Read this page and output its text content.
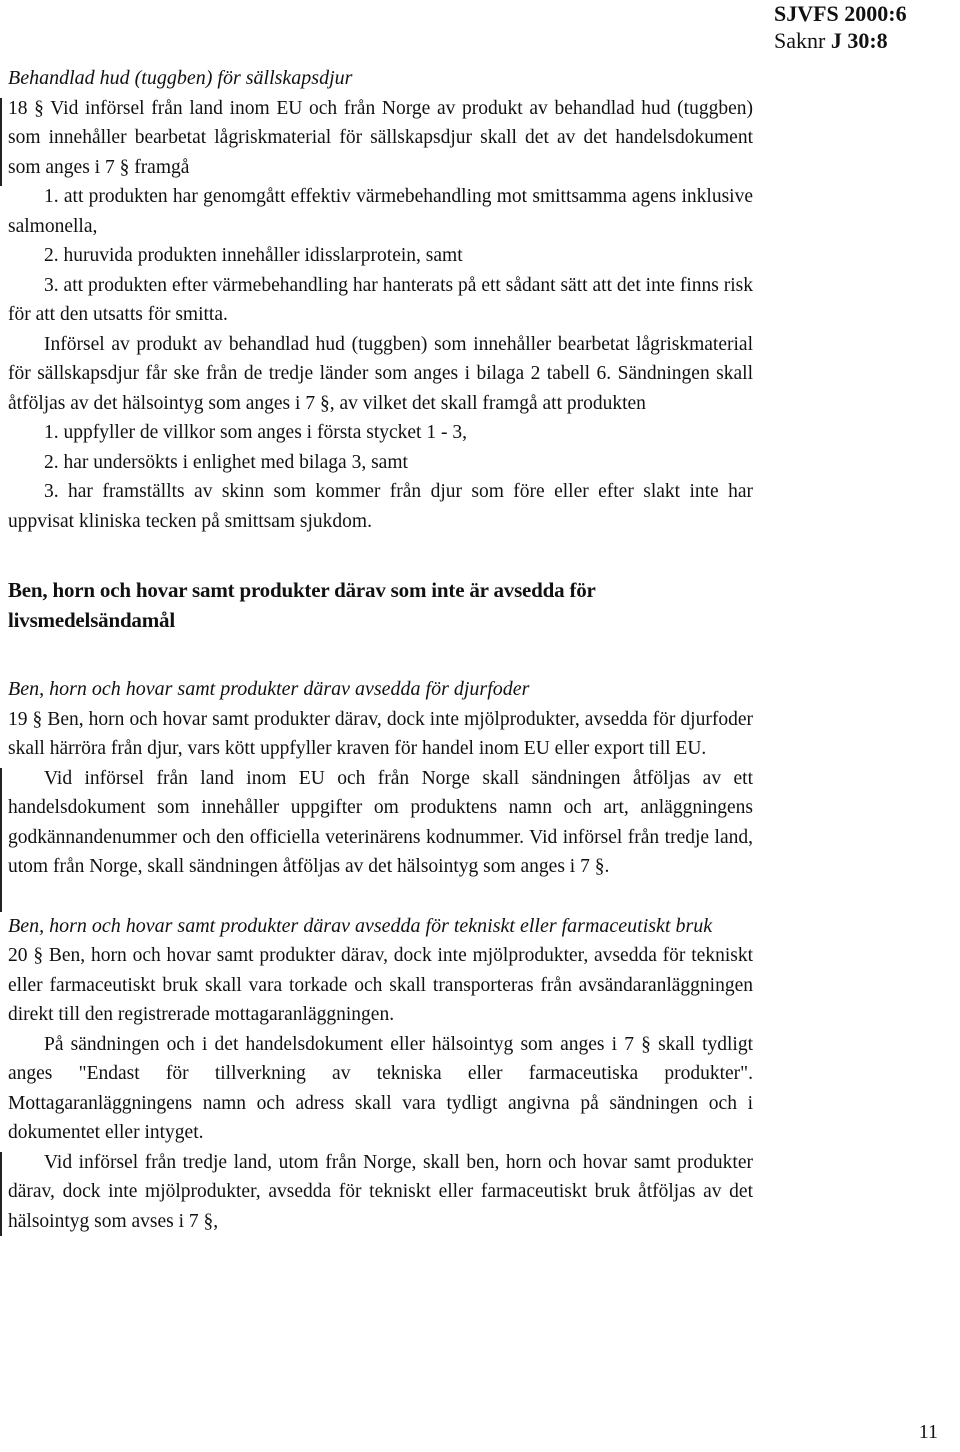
SJVFS 2000:6
Saknr J 30:8

Behandlad hud (tuggben) för sällskapsdjur

18 § Vid införsel från land inom EU och från Norge av produkt av behandlad hud (tuggben) som innehåller bearbetat lågriskmaterial för sällskapsdjur skall det av det handelsdokument som anges i 7 § framgå

1. att produkten har genomgått effektiv värmebehandling mot smittsamma agens inklusive salmonella,

2. huruvida produkten innehåller idisslarprotein, samt

3. att produkten efter värmebehandling har hanterats på ett sådant sätt att det inte finns risk för att den utsatts för smitta.

Införsel av produkt av behandlad hud (tuggben) som innehåller bearbetat lågriskmaterial för sällskapsdjur får ske från de tredje länder som anges i bilaga 2 tabell 6. Sändningen skall åtföljas av det hälsointyg som anges i 7 §, av vilket det skall framgå att produkten

1. uppfyller de villkor som anges i första stycket 1 - 3,

2. har undersökts i enlighet med bilaga 3, samt

3. har framställts av skinn som kommer från djur som före eller efter slakt inte har uppvisat kliniska tecken på smittsam sjukdom.

Ben, horn och hovar samt produkter därav som inte är avsedda för livsmedelsändamål

Ben, horn och hovar samt produkter därav avsedda för djurfoder

19 § Ben, horn och hovar samt produkter därav, dock inte mjölprodukter, avsedda för djurfoder skall härröra från djur, vars kött uppfyller kraven för handel inom EU eller export till EU.

Vid införsel från land inom EU och från Norge skall sändningen åtföljas av ett handelsdokument som innehåller uppgifter om produktens namn och art, anläggningens godkännandenummer och den officiella veterinärens kodnummer. Vid införsel från tredje land, utom från Norge, skall sändningen åtföljas av det hälsointyg som anges i 7 §.

Ben, horn och hovar samt produkter därav avsedda för tekniskt eller farmaceutiskt bruk

20 § Ben, horn och hovar samt produkter därav, dock inte mjölprodukter, avsedda för tekniskt eller farmaceutiskt bruk skall vara torkade och skall transporteras från avsändaranläggningen direkt till den registrerade mottagaranläggningen.

På sändningen och i det handelsdokument eller hälsointyg som anges i 7 § skall tydligt anges "Endast för tillverkning av tekniska eller farmaceutiska produkter". Mottagaranläggningens namn och adress skall vara tydligt angivna på sändningen och i dokumentet eller intyget.

Vid införsel från tredje land, utom från Norge, skall ben, horn och hovar samt produkter därav, dock inte mjölprodukter, avsedda för tekniskt eller farmaceutiskt bruk åtföljas av det hälsointyg som avses i 7 §,

11
